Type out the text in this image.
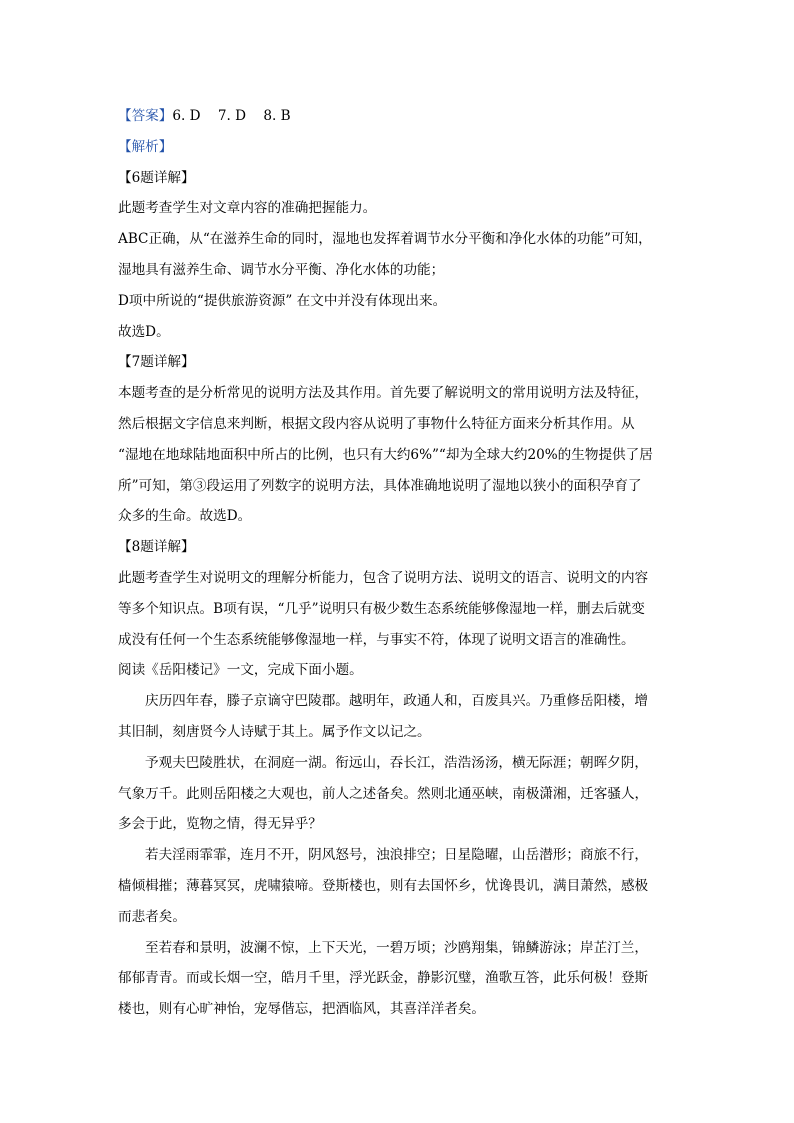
【答案】6. D    7. D    8. B
【解析】
【6题详解】
此题考查学生对文章内容的准确把握能力。
ABC正确，从“在滋养生命的同时，湿地也发挥着调节水分平衡和净化水体的功能”可知，
湿地具有滋养生命、调节水分平衡、净化水体的功能；
D项中所说的“提供旅游资源” 在文中并没有体现出来。
故选D。
【7题详解】
本题考查的是分析常见的说明方法及其作用。首先要了解说明文的常用说明方法及特征，
然后根据文字信息来判断，根据文段内容从说明了事物什么特征方面来分析其作用。从
“湿地在地球陆地面积中所占的比例，也只有大约6%”“却为全球大约20%的生物提供了居
所”可知，第③段运用了列数字的说明方法，具体准确地说明了湿地以狭小的面积孕育了
众多的生命。故选D。
【8题详解】
此题考查学生对说明文的理解分析能力，包含了说明方法、说明文的语言、说明文的内容
等多个知识点。B项有误，“几乎”说明只有极少数生态系统能够像湿地一样，删去后就变
成没有任何一个生态系统能够像湿地一样，与事实不符，体现了说明文语言的准确性。
阅读《岳阳楼记》一文，完成下面小题。
庆历四年春，滕子京谪守巴陵郡。越明年，政通人和，百废具兴。乃重修岳阳楼，增
其旧制，刻唐贤今人诗赋于其上。属予作文以记之。
予观夫巴陵胜状，在洞庭一湖。衔远山，吞长江，浩浩汤汤，横无际涯；朝晖夕阴，
气象万千。此则岳阳楼之大观也，前人之述备矣。然则北通巫峡，南极潇湘，迁客骚人，
多会于此，览物之情，得无异乎？
若夫淫雨霏霏，连月不开，阴风怒号，浊浪排空；日星隐曜，山岳潜形；商旅不行，
樯倾楫摧；薄暮冥冥，虎啸猿啼。登斯楼也，则有去国怀乡，忧谗畏讥，满目萧然，感极
而悲者矣。
至若春和景明，波澜不惊，上下天光，一碧万顷；沙鸥翔集，锦鳞游泳；岸芷汀兰，
郁郁青青。而或长烟一空，皓月千里，浮光跃金，静影沉璧，渔歌互答，此乐何极！登斯
楼也，则有心旷神怡，宠辱偕忘，把酒临风，其喜洋洋者矣。
